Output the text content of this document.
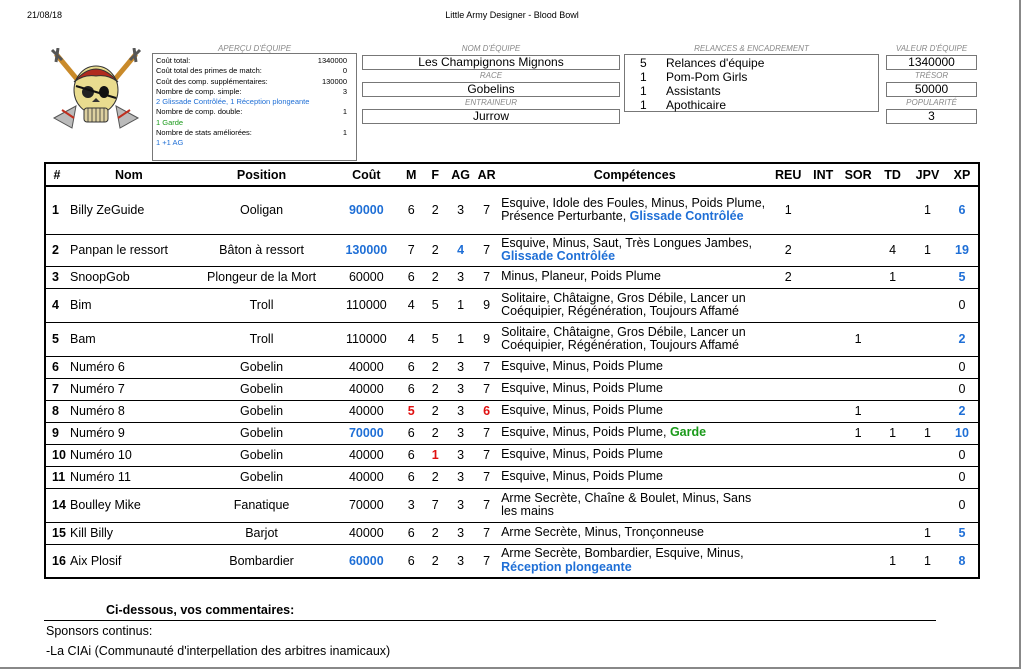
21/08/18	Little Army Designer - Blood Bowl
APERÇU D'ÉQUIPE
Coût total:	1340000
Coût total des primes de match:	0
Coût des comp. supplémentaires:	130000
Nombre de comp. simple:	3
2 Glissade Contrôlée, 1 Réception plongeante
Nombre de comp. double:	1
1 Garde
Nombre de stats améliorées:	1
1 +1 AG
NOM D'ÉQUIPE
Les Champignons Mignons
RACE
Gobelins
ENTRAINEUR
Jurrow
RELANCES & ENCADREMENT
5	Relances d'équipe
1	Pom-Pom Girls
1	Assistants
1	Apothicaire
VALEUR D'ÉQUIPE
1340000
TRÉSOR
50000
POPULARITÉ
3
#	Nom	Position	Coût	M	F	AG	AR	Compétences	REU	INT	SOR	TD	JPV	XP
1	Billy ZeGuide	Ooligan	90000	6	2	3	7	Esquive, Idole des Foules, Minus, Poids Plume, Présence Perturbante, Glissade Contrôlée	1				1	6
2	Panpan le ressort	Bâton à ressort	130000	7	2	4	7	Esquive, Minus, Saut, Très Longues Jambes, Glissade Contrôlée	2			4	1	19
3	SnoopGob	Plongeur de la Mort	60000	6	2	3	7	Minus, Planeur, Poids Plume	2			1		5
4	Bim	Troll	110000	4	5	1	9	Solitaire, Châtaigne, Gros Débile, Lancer un Coéquipier, Régénération, Toujours Affamé						0
5	Bam	Troll	110000	4	5	1	9	Solitaire, Châtaigne, Gros Débile, Lancer un Coéquipier, Régénération, Toujours Affamé			1			2
6	Numéro 6	Gobelin	40000	6	2	3	7	Esquive, Minus, Poids Plume						0
7	Numéro 7	Gobelin	40000	6	2	3	7	Esquive, Minus, Poids Plume						0
8	Numéro 8	Gobelin	40000	5	2	3	6	Esquive, Minus, Poids Plume			1			2
9	Numéro 9	Gobelin	70000	6	2	3	7	Esquive, Minus, Poids Plume, Garde			1	1	1	10
10	Numéro 10	Gobelin	40000	6	1	3	7	Esquive, Minus, Poids Plume						0
11	Numéro 11	Gobelin	40000	6	2	3	7	Esquive, Minus, Poids Plume						0
14	Boulley Mike	Fanatique	70000	3	7	3	7	Arme Secrète, Chaîne & Boulet, Minus, Sans les mains						0
15	Kill Billy	Barjot	40000	6	2	3	7	Arme Secrète, Minus, Tronçonneuse					1	5
16	Aix Plosif	Bombardier	60000	6	2	3	7	Arme Secrète, Bombardier, Esquive, Minus, Réception plongeante				1	1	8
Ci-dessous, vos commentaires:
Sponsors continus:
-La CIAi (Communauté d'interpellation des arbitres inamicaux)
